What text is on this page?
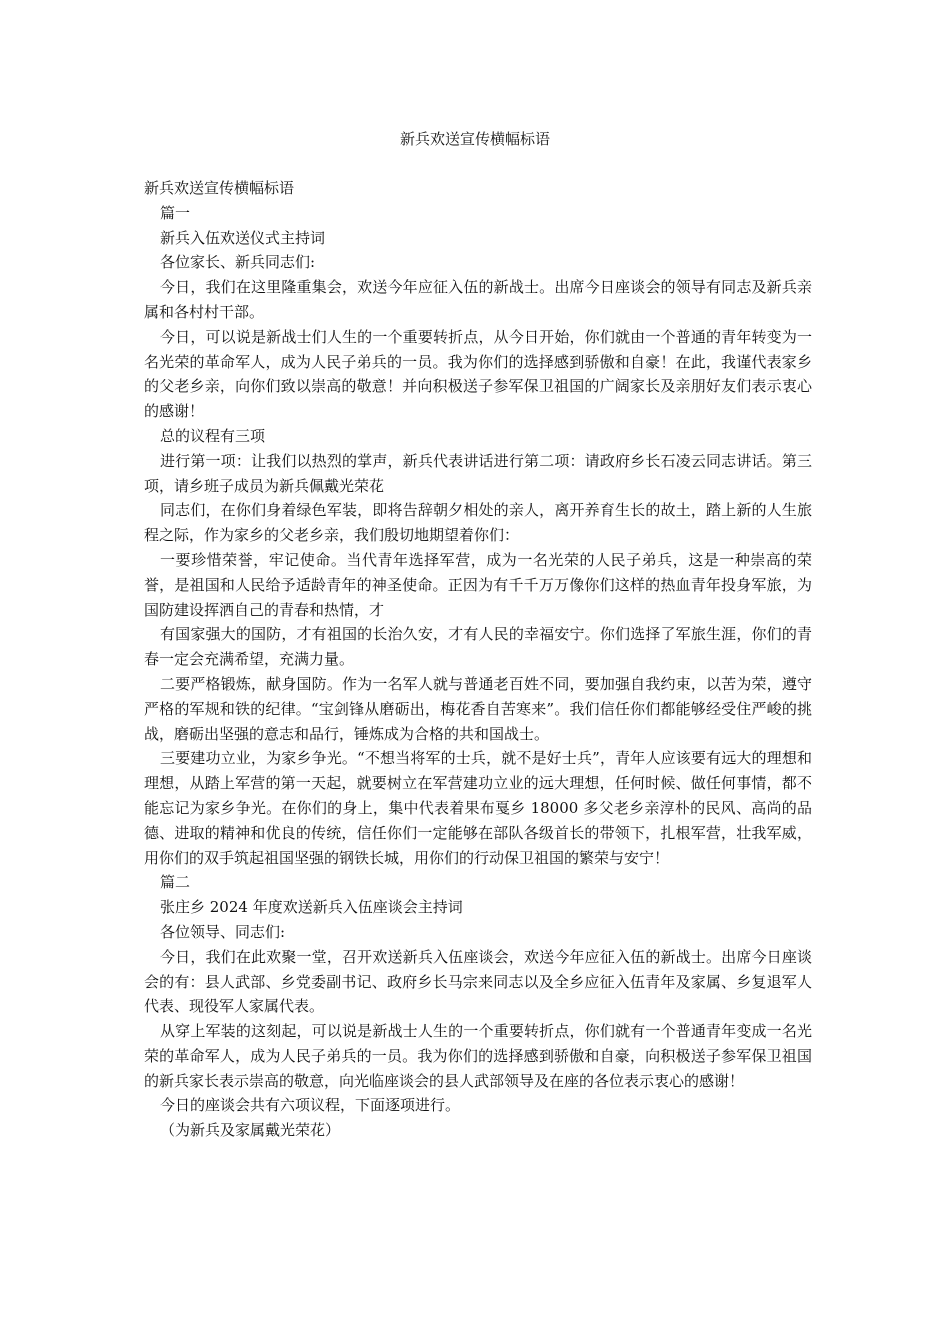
新兵欢送宣传横幅标语

新兵欢送宣传横幅标语

篇一

新兵入伍欢送仪式主持词

各位家长、新兵同志们:

今日，我们在这里隆重集会，欢送今年应征入伍的新战士。出席今日座谈会的领导有同志及新兵亲属和各村村干部。

今日，可以说是新战士们人生的一个重要转折点，从今日开始，你们就由一个普通的青年转变为一名光荣的革命军人，成为人民子弟兵的一员。我为你们的选择感到骄傲和自豪！在此，我谨代表家乡的父老乡亲，向你们致以崇高的敬意！并向积极送子参军保卫祖国的广阔家长及亲朋好友们表示衷心的感谢！

总的议程有三项

进行第一项：让我们以热烈的掌声，新兵代表讲话进行第二项：请政府乡长石凌云同志讲话。第三项，请乡班子成员为新兵佩戴光荣花

同志们，在你们身着绿色军装，即将告辞朝夕相处的亲人，离开养育生长的故土，踏上新的人生旅程之际，作为家乡的父老乡亲，我们殷切地期望着你们：

一要珍惜荣誉，牢记使命。当代青年选择军营，成为一名光荣的人民子弟兵，这是一种崇高的荣誉，是祖国和人民给予适龄青年的神圣使命。正因为有千千万万像你们这样的热血青年投身军旅，为国防建设挥洒自己的青春和热情，才

有国家强大的国防，才有祖国的长治久安，才有人民的幸福安宁。你们选择了军旅生涯，你们的青春一定会充满希望，充满力量。

二要严格锻炼，献身国防。作为一名军人就与普通老百姓不同，要加强自我约束，以苦为荣，遵守严格的军规和铁的纪律。“宝剑锋从磨砺出，梅花香自苦寒来”。我们信任你们都能够经受住严峻的挑战，磨砺出坚强的意志和品行，锤炼成为合格的共和国战士。

三要建功立业，为家乡争光。“不想当将军的士兵，就不是好士兵”，青年人应该要有远大的理想和理想，从踏上军营的第一天起，就要树立在军营建功立业的远大理想，任何时候、做任何事情，都不能忘记为家乡争光。在你们的身上，集中代表着果布戛乡 18000 多父老乡亲淳朴的民风、高尚的品德、进取的精神和优良的传统，信任你们一定能够在部队各级首长的带领下，扎根军营，壮我军威，用你们的双手筑起祖国坚强的钢铁长城，用你们的行动保卫祖国的繁荣与安宁！

篇二

张庄乡 2024 年度欢送新兵入伍座谈会主持词

各位领导、同志们:

今日，我们在此欢聚一堂，召开欢送新兵入伍座谈会，欢送今年应征入伍的新战士。出席今日座谈会的有：县人武部、乡党委副书记、政府乡长马宗来同志以及全乡应征入伍青年及家属、乡复退军人代表、现役军人家属代表。

从穿上军装的这刻起，可以说是新战士人生的一个重要转折点，你们就有一个普通青年变成一名光荣的革命军人，成为人民子弟兵的一员。我为你们的选择感到骄傲和自豪，向积极送子参军保卫祖国的新兵家长表示崇高的敬意，向光临座谈会的县人武部领导及在座的各位表示衷心的感谢！

今日的座谈会共有六项议程，下面逐项进行。

（为新兵及家属戴光荣花）
